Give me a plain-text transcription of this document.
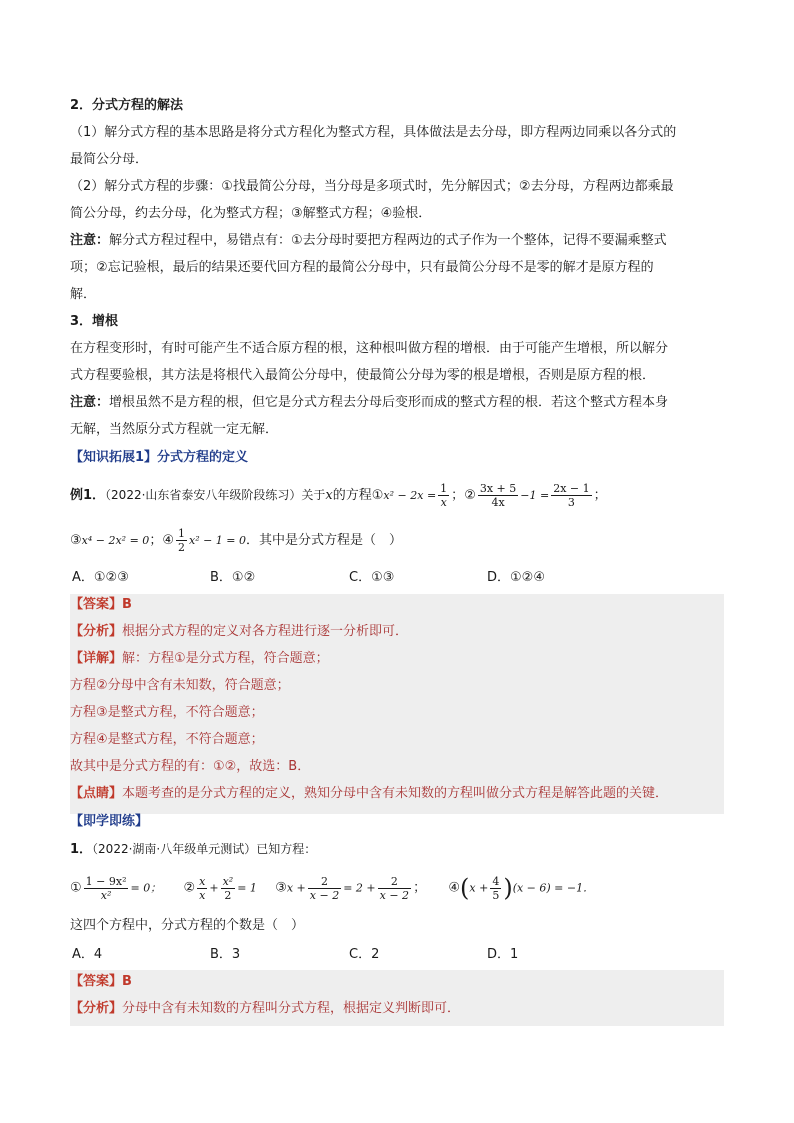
2．分式方程的解法
（1）解分式方程的基本思路是将分式方程化为整式方程，具体做法是去分母，即方程两边同乘以各分式的
最简公分母．
（2）解分式方程的步骤：①找最简公分母，当分母是多项式时，先分解因式；②去分母，方程两边都乘最
简公分母，约去分母，化为整式方程；③解整式方程；④验根．
注意：解分式方程过程中，易错点有：①去分母时要把方程两边的式子作为一个整体，记得不要漏乘整式
项；②忘记验根，最后的结果还要代回方程的最简公分母中，只有最简公分母不是零的解才是原方程的
解．
3．增根
在方程变形时，有时可能产生不适合原方程的根，这种根叫做方程的增根．由于可能产生增根，所以解分
式方程要验根，其方法是将根代入最简公分母中，使最简公分母为零的根是增根，否则是原方程的根．
注意：增根虽然不是方程的根，但它是分式方程去分母后变形而成的整式方程的根．若这个整式方程本身
无解，当然原分式方程就一定无解．
【知识拓展1】分式方程的定义
例1．（2022·山东省泰安八年级阶段练习）关于x的方程①x² − $2x = \frac{1}{x}$ ；② $\frac{3x + 5}{4x} -1 = \frac{2x - 1}{3}$ ；
③x⁴ − 2x² = 0；④ $\frac{1}{2} x^2 - 1 = 0$．其中是分式方程是（　）
A．①②③	B．①②	C．①③	D．①②④
【答案】B
【分析】根据分式方程的定义对各方程进行逐一分析即可．
【详解】解：方程①是分式方程，符合题意；
方程②分母中含有未知数，符合题意；
方程③是整式方程，不符合题意；
方程④是整式方程，不符合题意；
故其中是分式方程的有：①②，故选：B．
【点睛】本题考查的是分式方程的定义，熟知分母中含有未知数的方程叫做分式方程是解答此题的关键．
【即学即练】
1．（2022·湖南·八年级单元测试）已知方程：
① $\frac{\text{1 − 9x²}}{\text{x²}} = 0$； ② $\frac{x}{x} + \frac{\text{x²}}{2} = 1$ ③x + $\frac{2}{x - 2} = 2 + \frac{2}{x - 2}$ ； ④(x + $\frac{4}{5} )(x - 6) = -1$．
这四个方程中，分式方程的个数是（　）
A．4	B．3	C．2	D．1
【答案】B
【分析】分母中含有未知数的方程叫分式方程，根据定义判断即可．
